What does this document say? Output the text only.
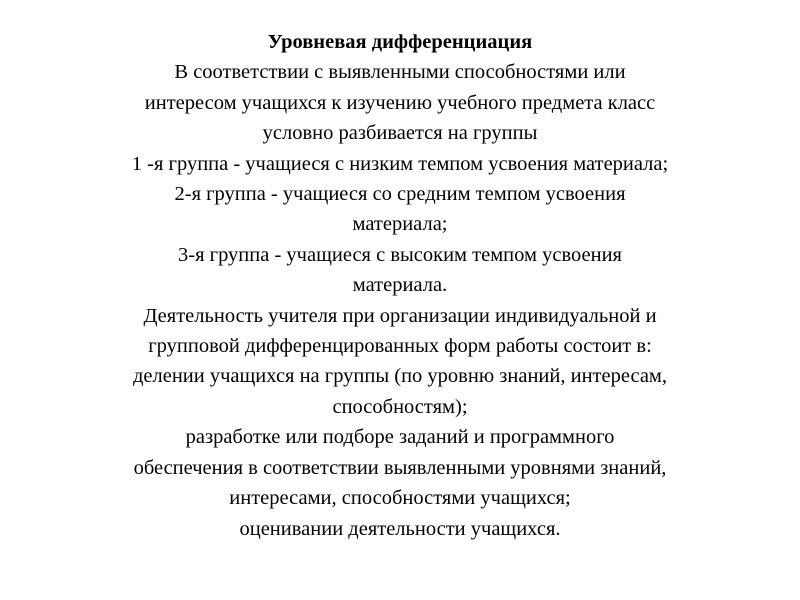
Уровневая дифференциация
В соответствии с выявленными способностями или
интересом учащихся к изучению учебного предмета класс
условно разбивается на группы
1 -я группа - учащиеся с низким темпом усвоения материала;
2-я группа - учащиеся со средним темпом усвоения
материала;
3-я группа - учащиеся с высоким темпом усвоения
материала.
Деятельность учителя при организации индивидуальной и
групповой дифференцированных форм работы состоит в:
делении учащихся на группы (по уровню знаний, интересам,
способностям);
разработке или подборе заданий и программного
обеспечения в соответствии выявленными уровнями знаний,
интересами, способностями учащихся;
оценивании деятельности учащихся.
